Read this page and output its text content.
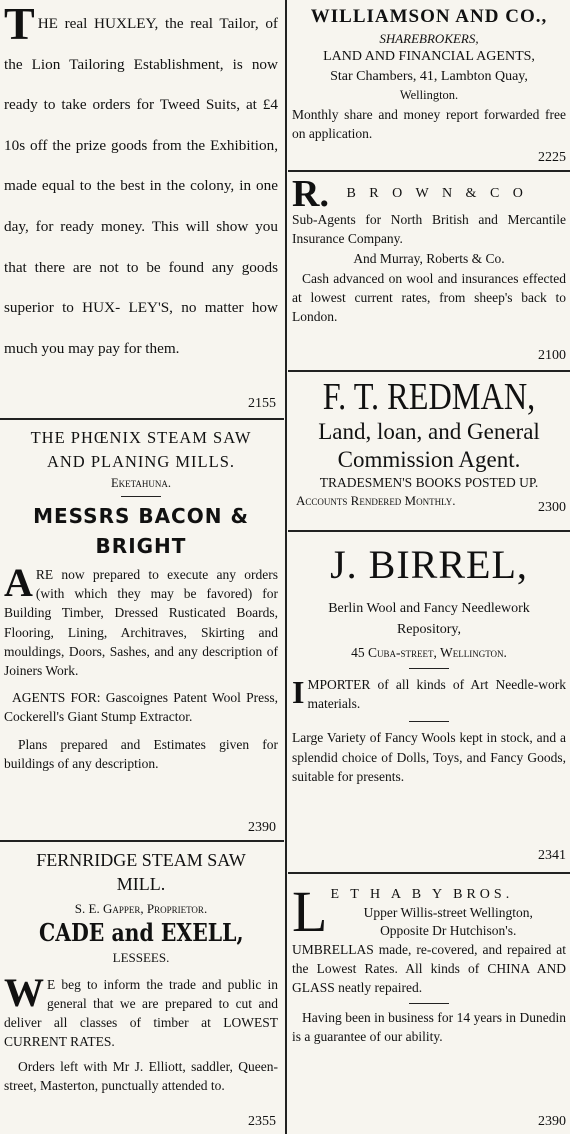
THE real HUXLEY, the real Tailor, of the Lion Tailoring Establishment, is now ready to take orders for Tweed Suits, at £4 10s off the prize goods from the Exhibition, made equal to the best in the colony, in one day, for ready money. This will show you that there are not to be found any goods superior to HUX- LEY'S, no matter how much you may pay for them.

2155

THE PHŒNIX STEAM SAW

AND PLANING MILLS.

Eketahuna.

MESSRS BACON & BRIGHT

ARE now prepared to execute any orders (with which they may be favored) for Building Timber, Dressed Rusticated Boards, Flooring, Lining, Architraves, Skirting and mouldings, Doors, Sashes, and any description of Joiners Work.

AGENTS FOR: Gascoignes Patent Wool Press, Cockerell's Giant Stump Extractor.

Plans prepared and Estimates given for buildings of any description.

2390

FERNRIDGE STEAM SAW

MILL.

S. E. Gapper, Proprietor.

CADE and EXELL,

LESSEES.

W E beg to inform the trade and public in general that we are prepared to cut and deliver all classes of timber at LOWEST CURRENT RATES.

Orders left with Mr J. Elliott, saddler, Queen-street, Masterton, punctually attended to.

2355

WILLIAMSON AND CO.,

SHAREBROKERS,

LAND AND FINANCIAL AGENTS,

Star Chambers, 41, Lambton Quay,

Wellington.

Monthly share and money report forwarded free on application.

2225

R. B R O W N & C O

Sub-Agents for North British and Mercantile Insurance Company.

And Murray, Roberts & Co.

Cash advanced on wool and insurances effected at lowest current rates, from sheep's back to London.

2100

F. T. REDMAN,

Land, loan, and General

Commission Agent.

TRADESMEN'S BOOKS POSTED UP.

Accounts Rendered Monthly.	2300

J. BIRREL,

Berlin Wool and Fancy Needlework Repository,

45 Cuba-street, Wellington.

IMPORTER of all kinds of Art Needle-work materials.

Large Variety of Fancy Wools kept in stock, and a splendid choice of Dolls, Toys, and Fancy Goods, suitable for presents.

2341
L E T H A B Y BROS.

Upper Willis-street Wellington,

Opposite Dr Hutchison's.

UMBRELLAS made, re-covered, and repaired at the Lowest Rates. All kinds of CHINA AND GLASS neatly repaired.

Having been in business for 14 years in Dunedin is a guarantee of our ability.

2390
